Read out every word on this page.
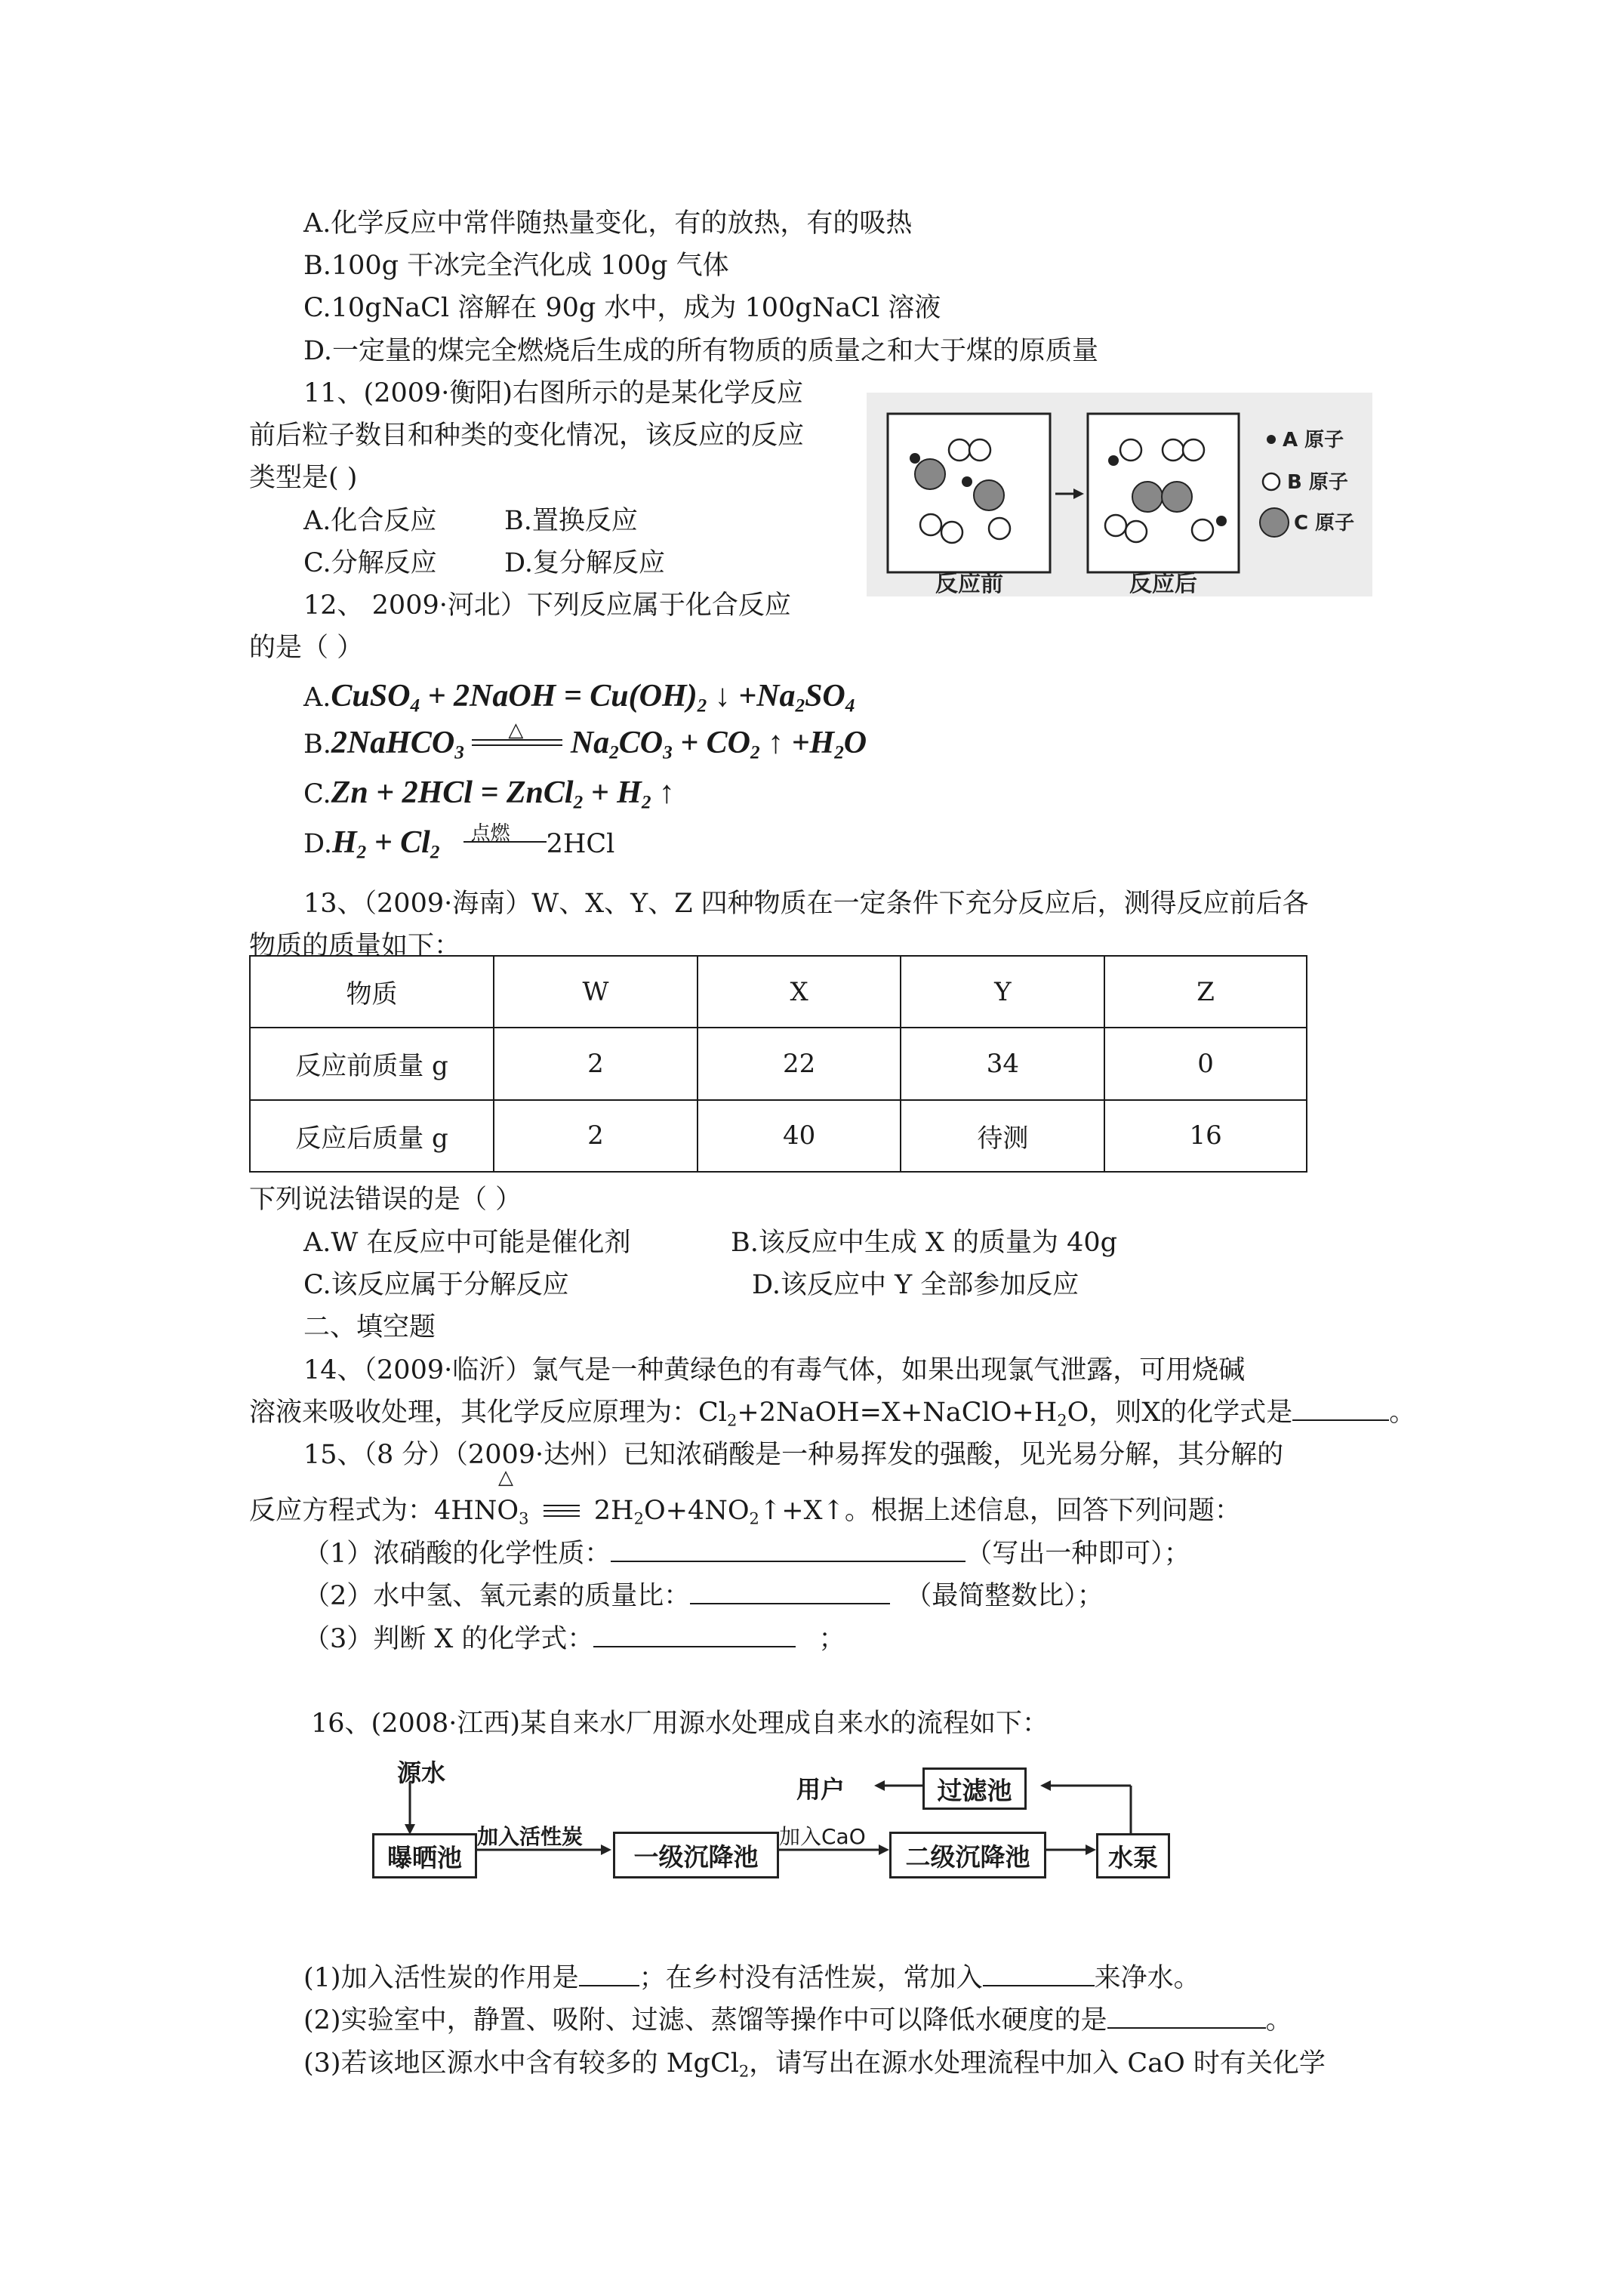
A.化学反应中常伴随热量变化，有的放热，有的吸热
B.100g 干冰完全汽化成 100g 气体
C.10gNaCl 溶解在 90g 水中，成为 100gNaCl 溶液
D.一定量的煤完全燃烧后生成的所有物质的质量之和大于煤的原质量
11、(2009·衡阳)右图所示的是某化学反应
前后粒子数目和种类的变化情况，该反应的反应
类型是( )
A.化合反应	B.置换反应
C.分解反应	D.复分解反应
A 原子
B 原子
C 原子
反应前	反应后
12、 2009·河北）下列反应属于化合反应
的是（ ）
A.CuSO$_4$ + 2NaOH = $Cu(OH)_2$ ↓ $+Na_2SO_4$
B.2NaHCO$_3$
△ $Na_2CO_3 + CO_2$ ↑ $+H_2O$
C.Zn + 2HCl = ZnCl$_2$ + $H_2$ ↑
$D.H_2 + Cl_2$
点燃 2HCl
13、（2009·海南）W、X、Y、Z 四种物质在一定条件下充分反应后，测得反应前后各
物质的质量如下：
物质	W	X	Y	Z
反应前质量 g	2	22	34	0
反应后质量 g	2	40	待测	16
下列说法错误的是（ ）
A.W 在反应中可能是催化剂	B.该反应中生成 X 的质量为 40g
C.该反应属于分解反应	D.该反应中 Y 全部参加反应
二、填空题
14、（2009·临沂）氯气是一种黄绿色的有毒气体，如果出现氯气泄露，可用烧碱
溶液来吸收处理，其化学反应原理为：$Cl_2+2NaOH=X+NaClO+H_2O$，则X的化学式是	。
15、（8 分）（2009·达州）已知浓硝酸是一种易挥发的强酸，见光易分解，其分解的
△
反应方程式为：$4HNO_3$
$2H_2O+4NO_2↑+X↑$。根据上述信息，回答下列问题：
（1）浓硝酸的化学性质：	（写出一种即可）；
（2）水中氢、氧元素的质量比：	（最简整数比）；
（3）判断 X 的化学式：	；
16、(2008·江西)某自来水厂用源水处理成自来水的流程如下：
源水
曝晒池
加入活性炭
一级沉降池
加入CaO
二级沉降池	水泵
过滤池
用户
(1)加入活性炭的作用是 ；在乡村没有活性炭，常加入	来净水。
(2)实验室中，静置、吸附、过滤、蒸馏等操作中可以降低水硬度的是	。
(3)若该地区源水中含有较多的 MgCl$_2$，请写出在源水处理流程中加入 CaO 时有关化学
